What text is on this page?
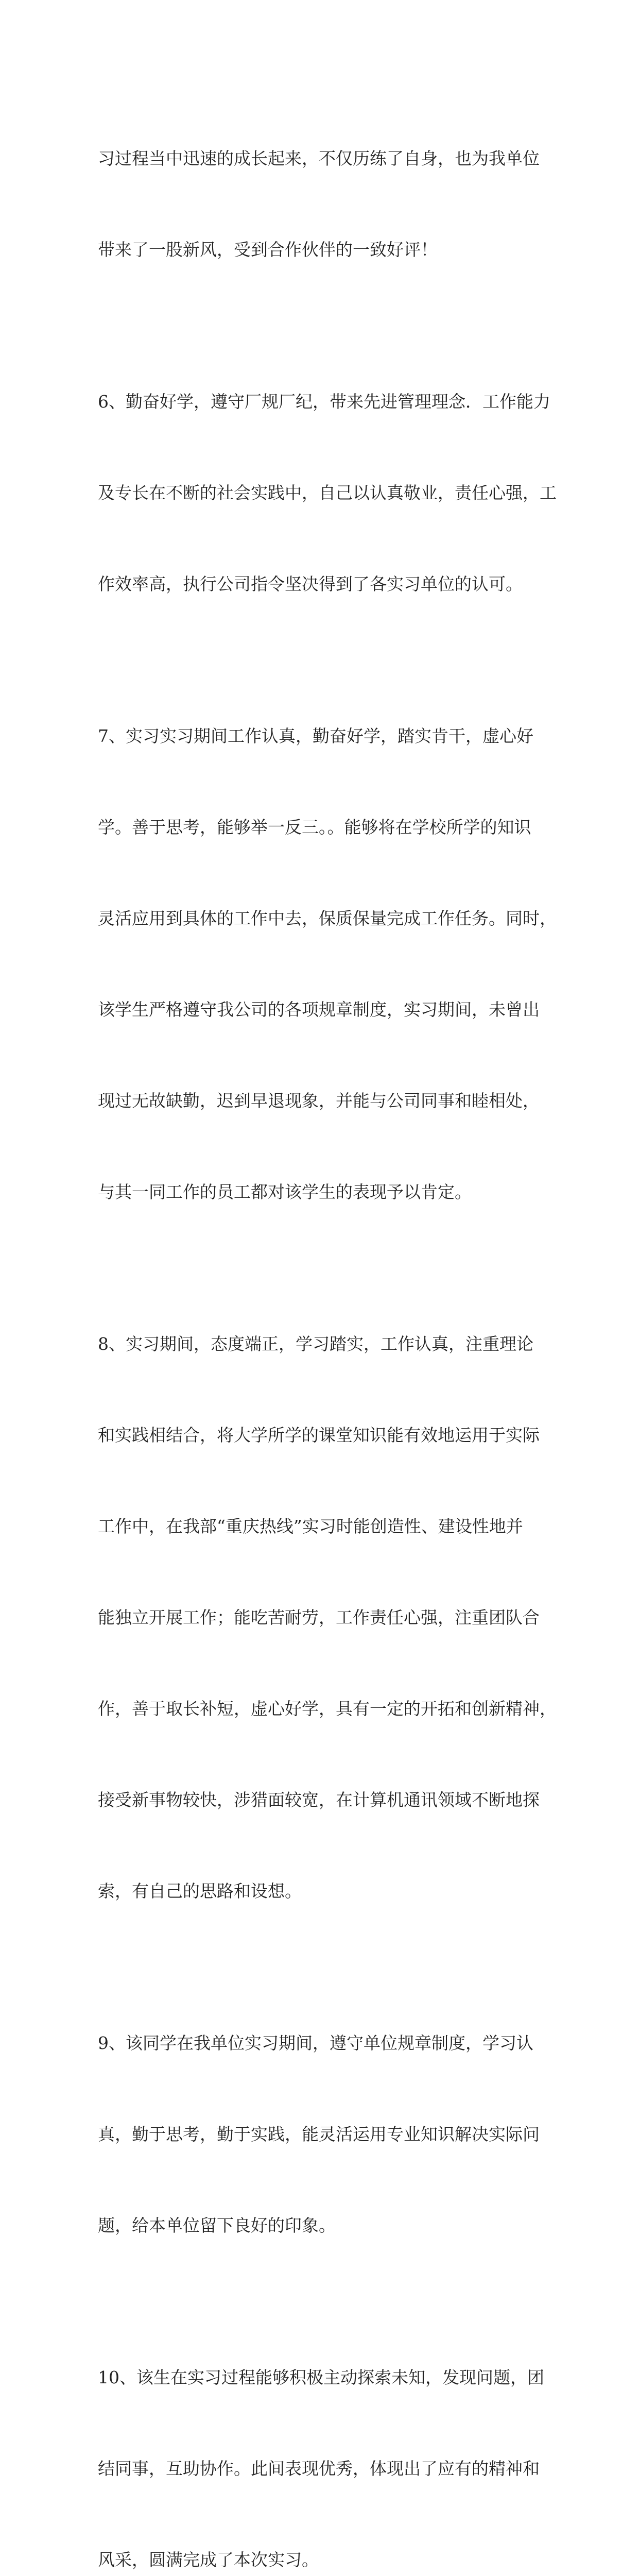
习过程当中迅速的成长起来，不仅历练了自身，也为我单位

带来了一股新风，受到合作伙伴的一致好评！

6、勤奋好学，遵守厂规厂纪，带来先进管理理念．工作能力

及专长在不断的社会实践中，自己以认真敬业，责任心强，工

作效率高，执行公司指令坚决得到了各实习单位的认可。

7、实习实习期间工作认真，勤奋好学，踏实肯干，虚心好

学。善于思考，能够举一反三。。能够将在学校所学的知识

灵活应用到具体的工作中去，保质保量完成工作任务。同时，

该学生严格遵守我公司的各项规章制度，实习期间，未曾出

现过无故缺勤，迟到早退现象，并能与公司同事和睦相处，

与其一同工作的员工都对该学生的表现予以肯定。

8、实习期间，态度端正，学习踏实，工作认真，注重理论

和实践相结合，将大学所学的课堂知识能有效地运用于实际

工作中，在我部“重庆热线”实习时能创造性、建设性地并

能独立开展工作；能吃苦耐劳，工作责任心强，注重团队合

作，善于取长补短，虚心好学，具有一定的开拓和创新精神，

接受新事物较快，涉猎面较宽，在计算机通讯领域不断地探

索，有自己的思路和设想。

9、该同学在我单位实习期间，遵守单位规章制度，学习认

真，勤于思考，勤于实践，能灵活运用专业知识解决实际问

题，给本单位留下良好的印象。

10、该生在实习过程能够积极主动探索未知，发现问题，团

结同事，互助协作。此间表现优秀，体现出了应有的精神和

风采，圆满完成了本次实习。
